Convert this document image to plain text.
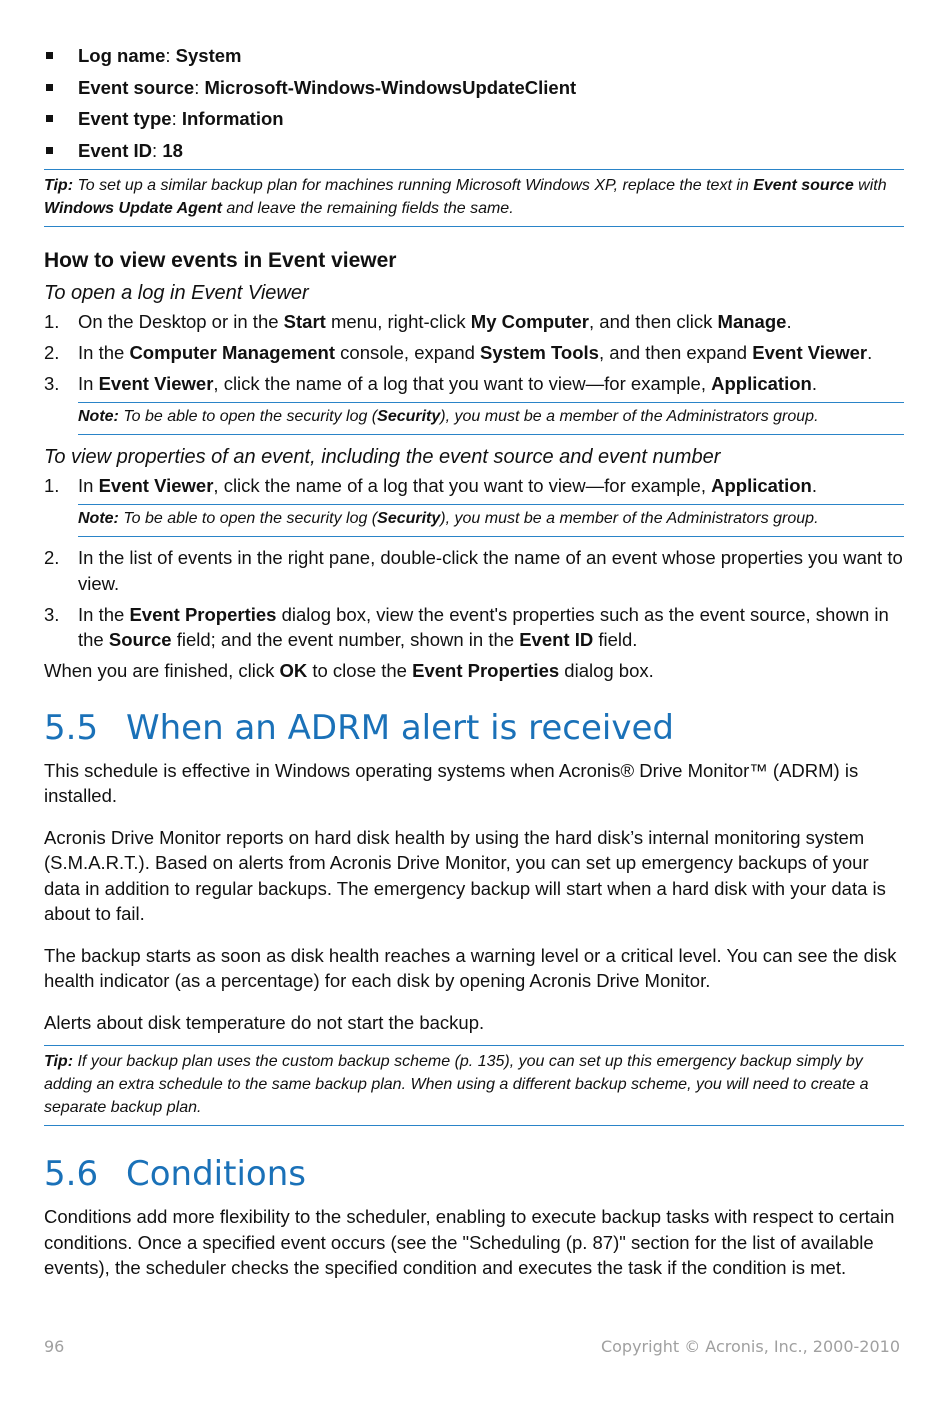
Log name: System
Event source: Microsoft-Windows-WindowsUpdateClient
Event type: Information
Event ID: 18
Tip: To set up a similar backup plan for machines running Microsoft Windows XP, replace the text in Event source with Windows Update Agent and leave the remaining fields the same.
How to view events in Event viewer
To open a log in Event Viewer
1. On the Desktop or in the Start menu, right-click My Computer, and then click Manage.
2. In the Computer Management console, expand System Tools, and then expand Event Viewer.
3. In Event Viewer, click the name of a log that you want to view—for example, Application.
Note: To be able to open the security log (Security), you must be a member of the Administrators group.
To view properties of an event, including the event source and event number
1. In Event Viewer, click the name of a log that you want to view—for example, Application.
Note: To be able to open the security log (Security), you must be a member of the Administrators group.
2. In the list of events in the right pane, double-click the name of an event whose properties you want to view.
3. In the Event Properties dialog box, view the event's properties such as the event source, shown in the Source field; and the event number, shown in the Event ID field.

When you are finished, click OK to close the Event Properties dialog box.

5.5 When an ADRM alert is received

This schedule is effective in Windows operating systems when Acronis® Drive Monitor™ (ADRM) is installed.

Acronis Drive Monitor reports on hard disk health by using the hard disk’s internal monitoring system (S.M.A.R.T.). Based on alerts from Acronis Drive Monitor, you can set up emergency backups of your data in addition to regular backups. The emergency backup will start when a hard disk with your data is about to fail.

The backup starts as soon as disk health reaches a warning level or a critical level. You can see the disk health indicator (as a percentage) for each disk by opening Acronis Drive Monitor.

Alerts about disk temperature do not start the backup.

Tip: If your backup plan uses the custom backup scheme (p. 135), you can set up this emergency backup simply by adding an extra schedule to the same backup plan. When using a different backup scheme, you will need to create a separate backup plan.
5.6 Conditions

Conditions add more flexibility to the scheduler, enabling to execute backup tasks with respect to certain conditions. Once a specified event occurs (see the "Scheduling (p. 87)" section for the list of available events), the scheduler checks the specified condition and executes the task if the condition is met.

96	Copyright © Acronis, Inc., 2000-2010
